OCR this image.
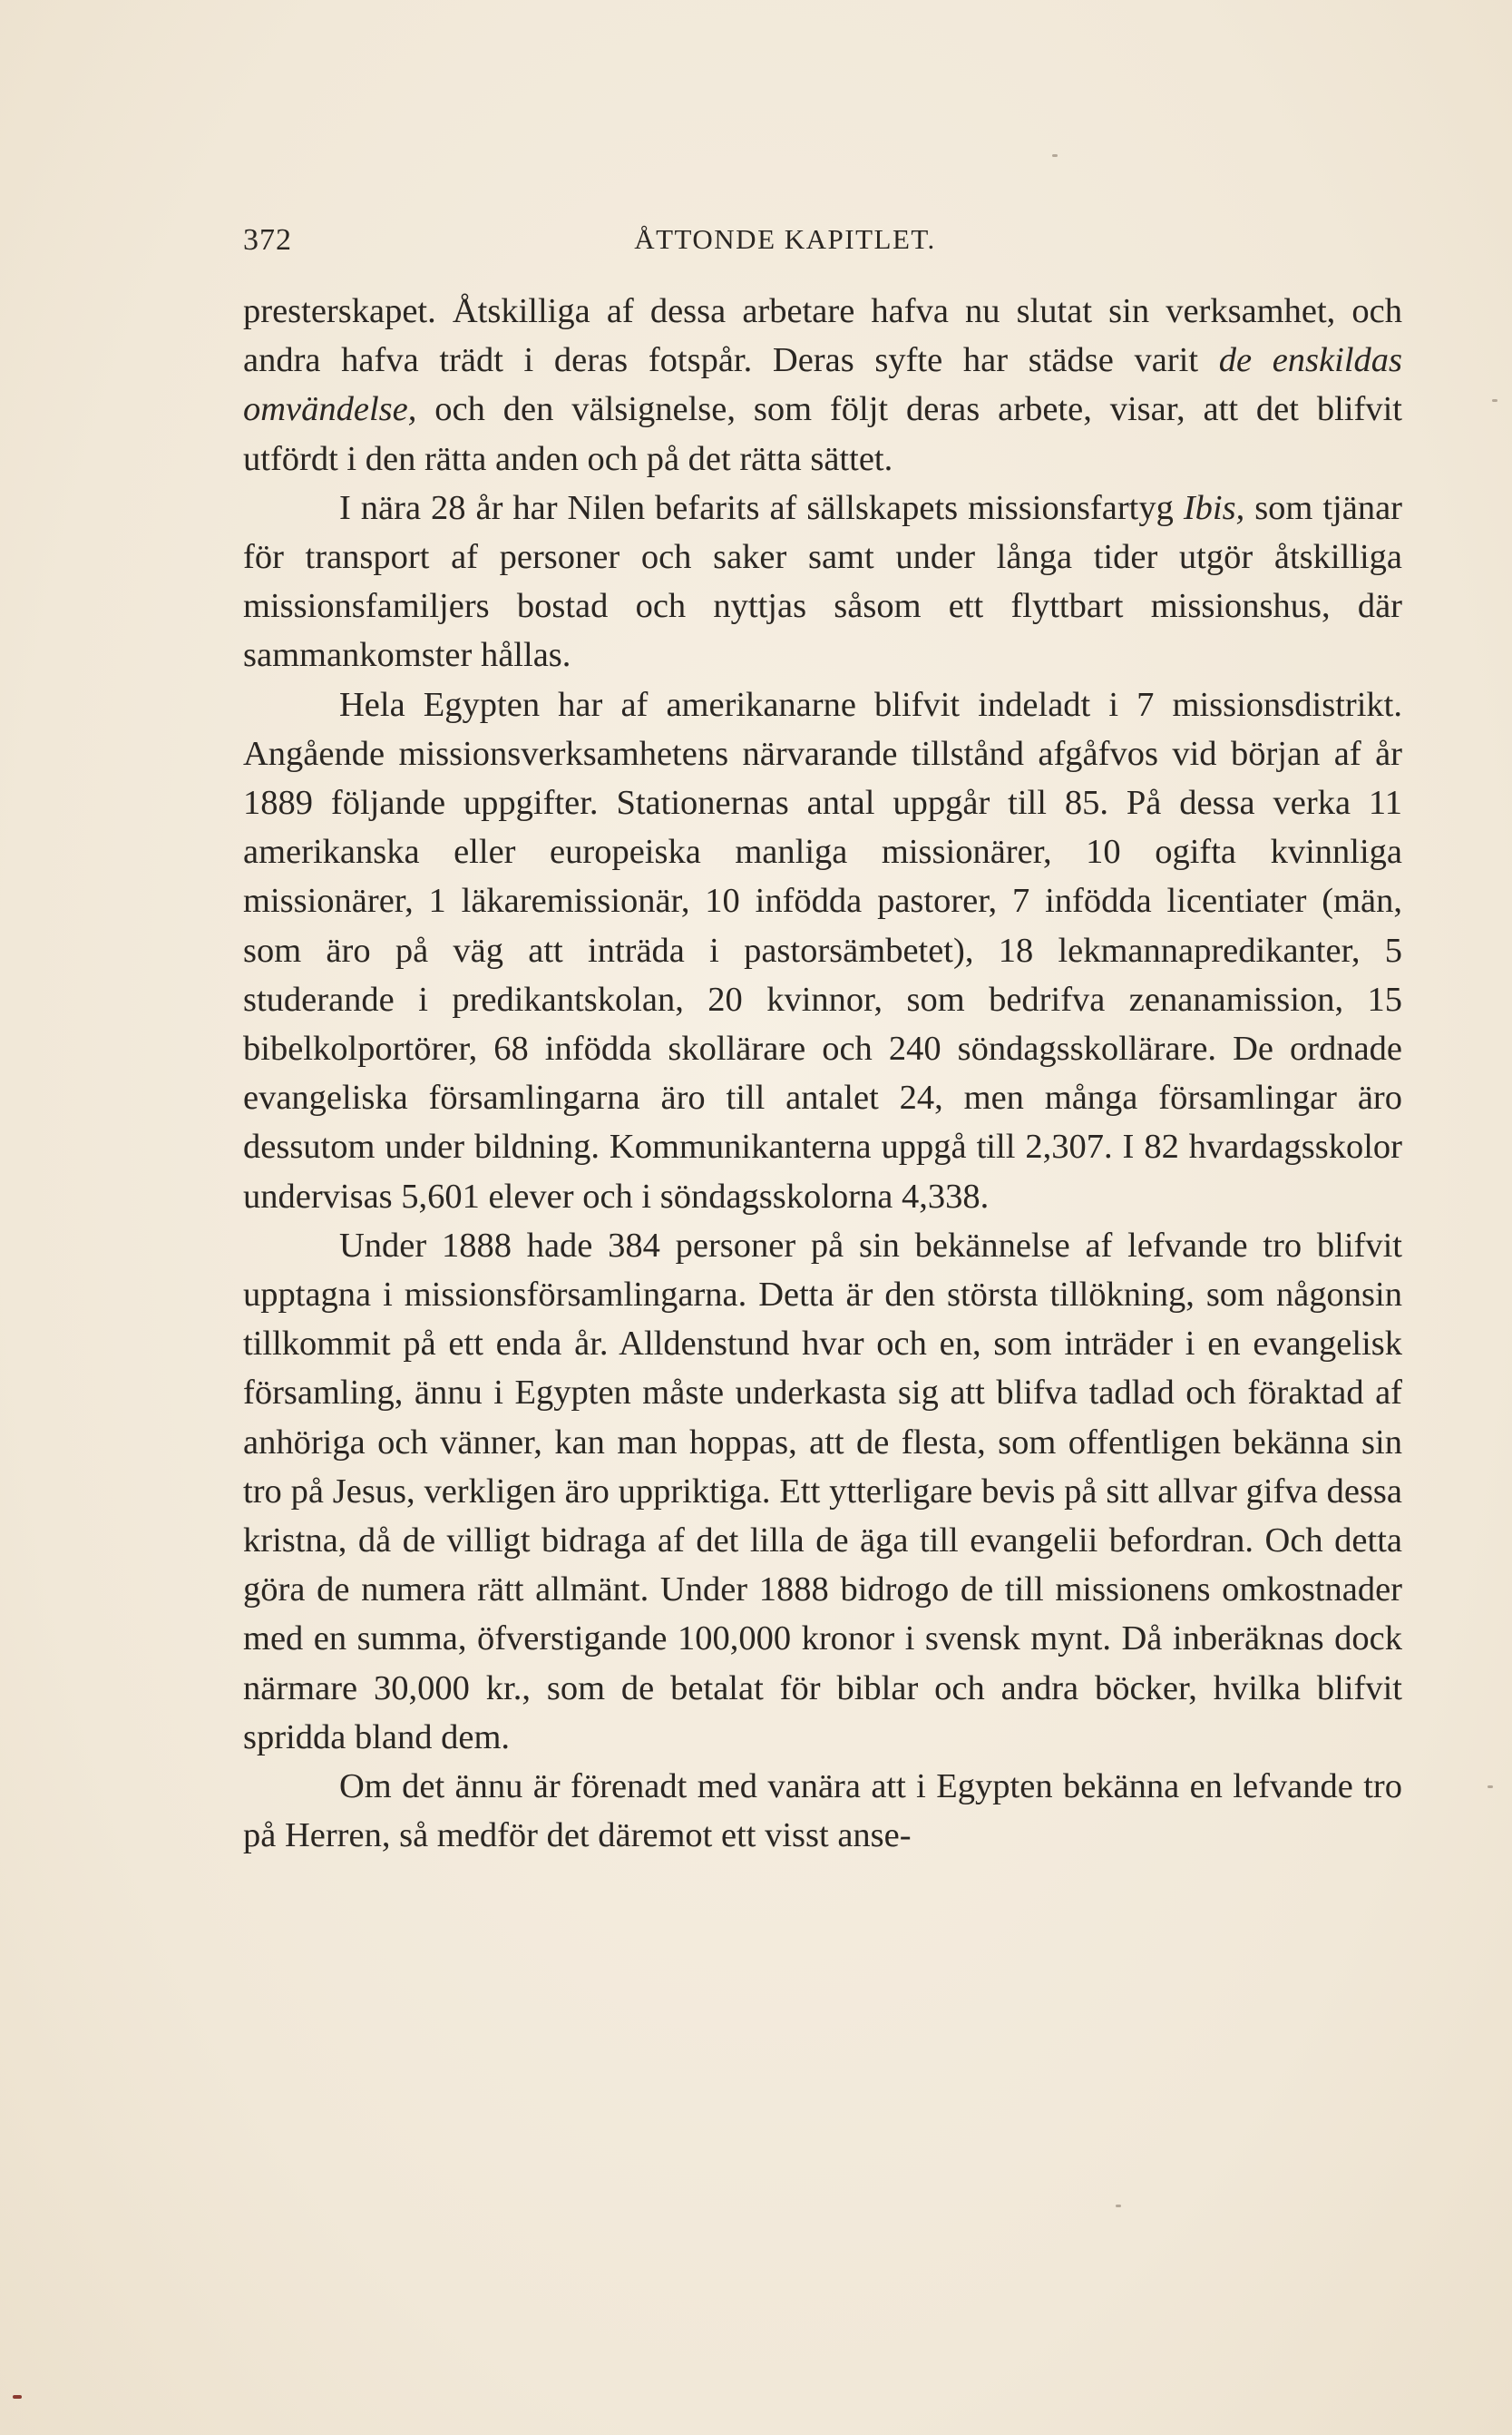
372	ÅTTONDE KAPITLET.

presterskapet. Åtskilliga af dessa arbetare hafva nu slutat sin verksamhet, och andra hafva trädt i deras fotspår. Deras syfte har städse varit de enskildas omvändelse, och den välsignelse, som följt deras arbete, visar, att det blifvit utfördt i den rätta anden och på det rätta sättet.

I nära 28 år har Nilen befarits af sällskapets missionsfartyg Ibis, som tjänar för transport af personer och saker samt under långa tider utgör åtskilliga missionsfamiljers bostad och nyttjas såsom ett flyttbart missionshus, där sammankomster hållas.

Hela Egypten har af amerikanarne blifvit indeladt i 7 missionsdistrikt. Angående missionsverksamhetens närvarande tillstånd afgåfvos vid början af år 1889 följande uppgifter. Stationernas antal uppgår till 85. På dessa verka 11 amerikanska eller europeiska manliga missionärer, 10 ogifta kvinnliga missionärer, 1 läkaremissionär, 10 infödda pastorer, 7 infödda licentiater (män, som äro på väg att inträda i pastorsämbetet), 18 lekmannapredikanter, 5 studerande i predikantskolan, 20 kvinnor, som bedrifva zenanamission, 15 bibelkolportörer, 68 infödda skollärare och 240 söndagsskollärare. De ordnade evangeliska församlingarna äro till antalet 24, men många församlingar äro dessutom under bildning. Kommunikanterna uppgå till 2,307. I 82 hvardagsskolor undervisas 5,601 elever och i söndagsskolorna 4,338.

Under 1888 hade 384 personer på sin bekännelse af lefvande tro blifvit upptagna i missionsförsamlingarna. Detta är den största tillökning, som någonsin tillkommit på ett enda år. Alldenstund hvar och en, som inträder i en evangelisk församling, ännu i Egypten måste underkasta sig att blifva tadlad och föraktad af anhöriga och vänner, kan man hoppas, att de flesta, som offentligen bekänna sin tro på Jesus, verkligen äro uppriktiga. Ett ytterligare bevis på sitt allvar gifva dessa kristna, då de villigt bidraga af det lilla de äga till evangelii befordran. Och detta göra de numera rätt allmänt. Under 1888 bidrogo de till missionens omkostnader med en summa, öfverstigande 100,000 kronor i svensk mynt. Då inberäknas dock närmare 30,000 kr., som de betalat för biblar och andra böcker, hvilka blifvit spridda bland dem.

Om det ännu är förenadt med vanära att i Egypten bekänna en lefvande tro på Herren, så medför det däremot ett visst anse-
